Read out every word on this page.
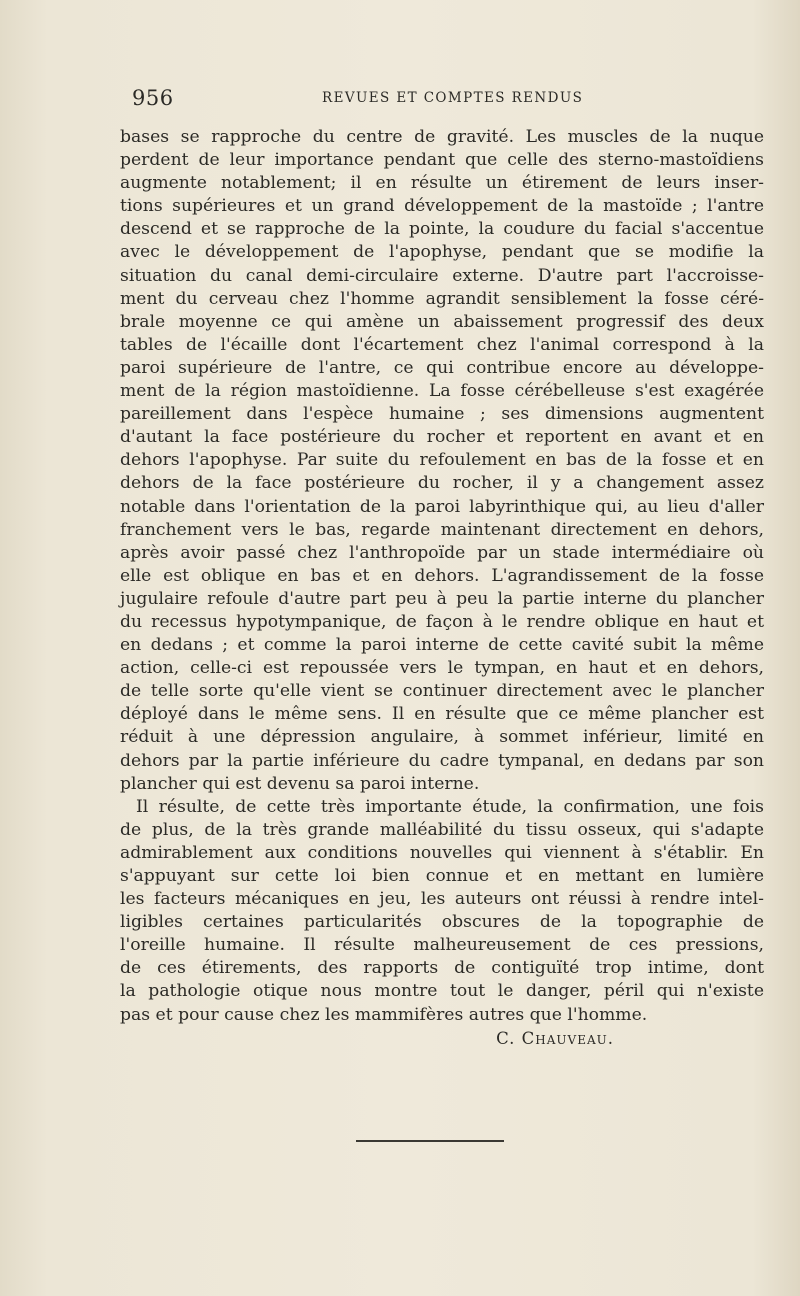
956	REVUES ET COMPTES RENDUS
bases se rapproche du centre de gravité. Les muscles de la nuque
perdent de leur importance pendant que celle des sterno-mastoïdiens
augmente notablement; il en résulte un étirement de leurs inser-
tions supérieures et un grand développement de la mastoïde ; l'antre
descend et se rapproche de la pointe, la coudure du facial s'accentue
avec le développement de l'apophyse, pendant que se modifie la
situation du canal demi-circulaire externe. D'autre part l'accroisse-
ment du cerveau chez l'homme agrandit sensiblement la fosse céré-
brale moyenne ce qui amène un abaissement progressif des deux
tables de l'écaille dont l'écartement chez l'animal correspond à la
paroi supérieure de l'antre, ce qui contribue encore au développe-
ment de la région mastoïdienne. La fosse cérébelleuse s'est exagérée
pareillement dans l'espèce humaine ; ses dimensions augmentent
d'autant la face postérieure du rocher et reportent en avant et en
dehors l'apophyse. Par suite du refoulement en bas de la fosse et en
dehors de la face postérieure du rocher, il y a changement assez
notable dans l'orientation de la paroi labyrinthique qui, au lieu d'aller
franchement vers le bas, regarde maintenant directement en dehors,
après avoir passé chez l'anthropoïde par un stade intermédiaire où
elle est oblique en bas et en dehors. L'agrandissement de la fosse
jugulaire refoule d'autre part peu à peu la partie interne du plancher
du recessus hypotympanique, de façon à le rendre oblique en haut et
en dedans ; et comme la paroi interne de cette cavité subit la même
action, celle-ci est repoussée vers le tympan, en haut et en dehors,
de telle sorte qu'elle vient se continuer directement avec le plancher
déployé dans le même sens. Il en résulte que ce même plancher est
réduit à une dépression angulaire, à sommet inférieur, limité en
dehors par la partie inférieure du cadre tympanal, en dedans par son
plancher qui est devenu sa paroi interne.
Il résulte, de cette très importante étude, la confirmation, une fois
de plus, de la très grande malléabilité du tissu osseux, qui s'adapte
admirablement aux conditions nouvelles qui viennent à s'établir. En
s'appuyant sur cette loi bien connue et en mettant en lumière
les facteurs mécaniques en jeu, les auteurs ont réussi à rendre intel-
ligibles certaines particularités obscures de la topographie de
l'oreille humaine. Il résulte malheureusement de ces pressions,
de ces étirements, des rapports de contiguïté trop intime, dont
la pathologie otique nous montre tout le danger, péril qui n'existe
pas et pour cause chez les mammifères autres que l'homme.
C. Chauveau.
